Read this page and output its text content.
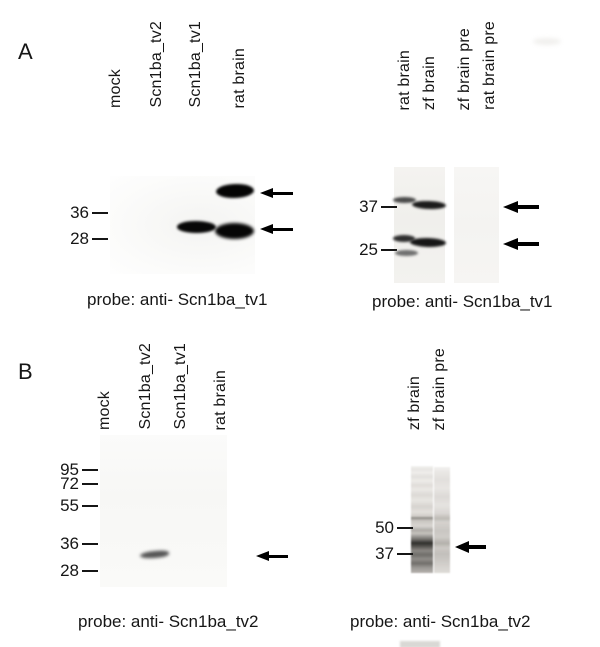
A
mock Scn1ba_tv2 Scn1ba_tv1 rat brain
36
28
probe: anti- Scn1ba_tv1
rat brain zf brain zf brain pre rat brain pre
37
25
probe: anti- Scn1ba_tv1
B
mock Scn1ba_tv2 Scn1ba_tv1 rat brain
95
72
55
36
28
probe: anti- Scn1ba_tv2
zf brain zf brain pre
50
37
probe: anti- Scn1ba_tv2
